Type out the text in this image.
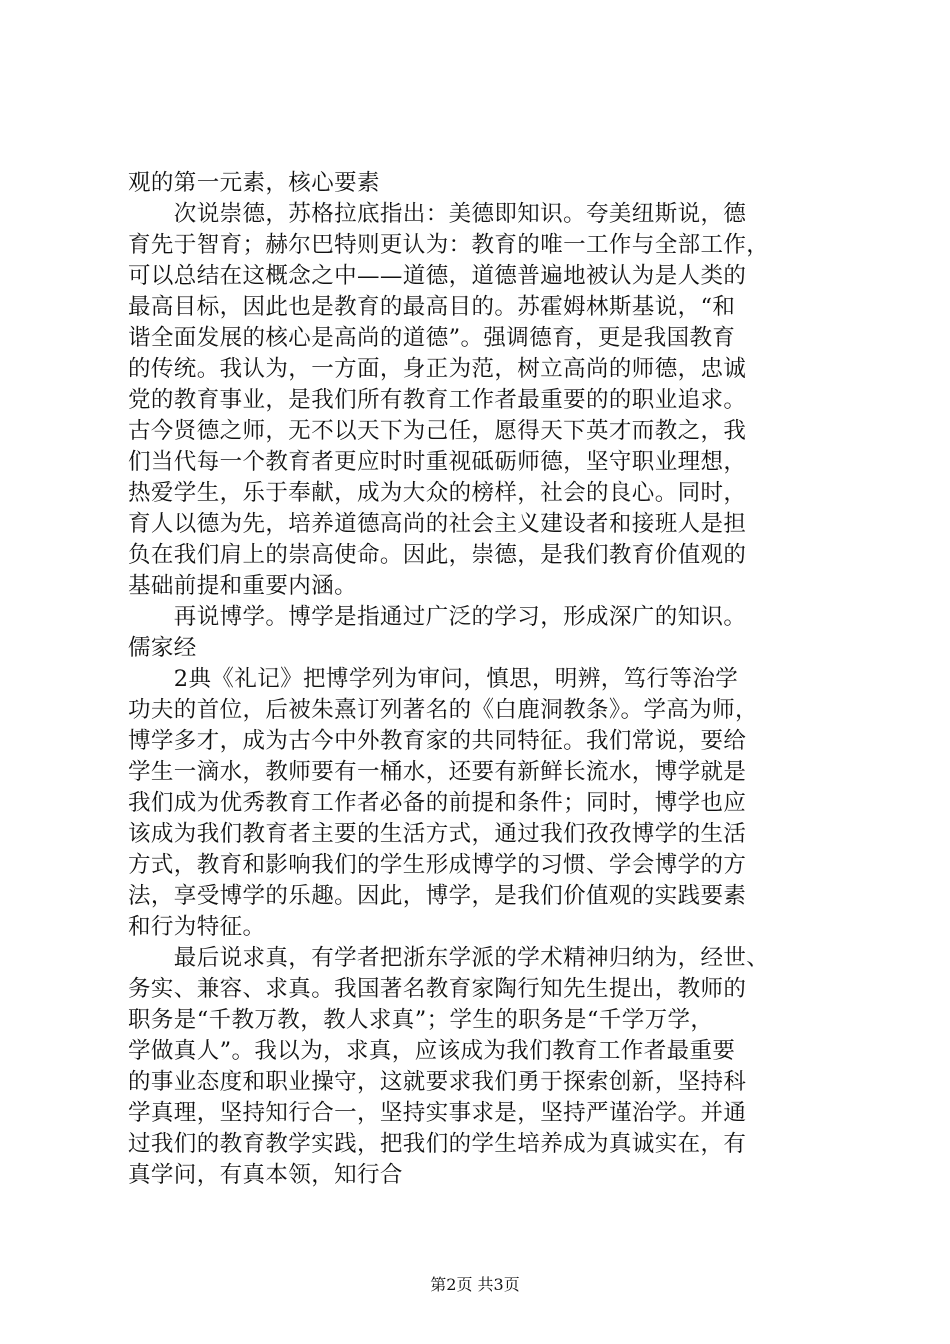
观的第一元素，核心要素
　　次说崇德，苏格拉底指出：美德即知识。夸美纽斯说，德
育先于智育；赫尔巴特则更认为：教育的唯一工作与全部工作，
可以总结在这概念之中——道德，道德普遍地被认为是人类的
最高目标，因此也是教育的最高目的。苏霍姆林斯基说，“和
谐全面发展的核心是高尚的道德”。强调德育，更是我国教育
的传统。我认为，一方面，身正为范，树立高尚的师德，忠诚
党的教育事业，是我们所有教育工作者最重要的的职业追求。
古今贤德之师，无不以天下为己任，愿得天下英才而教之，我
们当代每一个教育者更应时时重视砥砺师德，坚守职业理想，
热爱学生，乐于奉献，成为大众的榜样，社会的良心。同时，
育人以德为先，培养道德高尚的社会主义建设者和接班人是担
负在我们肩上的崇高使命。因此，崇德，是我们教育价值观的
基础前提和重要内涵。
　　再说博学。博学是指通过广泛的学习，形成深广的知识。
儒家经
　　2典《礼记》把博学列为审问，慎思，明辨，笃行等治学
功夫的首位，后被朱熹订列著名的《白鹿洞教条》。学高为师，
博学多才，成为古今中外教育家的共同特征。我们常说，要给
学生一滴水，教师要有一桶水，还要有新鲜长流水，博学就是
我们成为优秀教育工作者必备的前提和条件；同时，博学也应
该成为我们教育者主要的生活方式，通过我们孜孜博学的生活
方式，教育和影响我们的学生形成博学的习惯、学会博学的方
法，享受博学的乐趣。因此，博学，是我们价值观的实践要素
和行为特征。
　　最后说求真，有学者把浙东学派的学术精神归纳为，经世、
务实、兼容、求真。我国著名教育家陶行知先生提出，教师的
职务是“千教万教，教人求真”；学生的职务是“千学万学，
学做真人”。我以为，求真，应该成为我们教育工作者最重要
的事业态度和职业操守，这就要求我们勇于探索创新，坚持科
学真理，坚持知行合一，坚持实事求是，坚持严谨治学。并通
过我们的教育教学实践，把我们的学生培养成为真诚实在，有
真学问，有真本领，知行合
第2页 共3页
